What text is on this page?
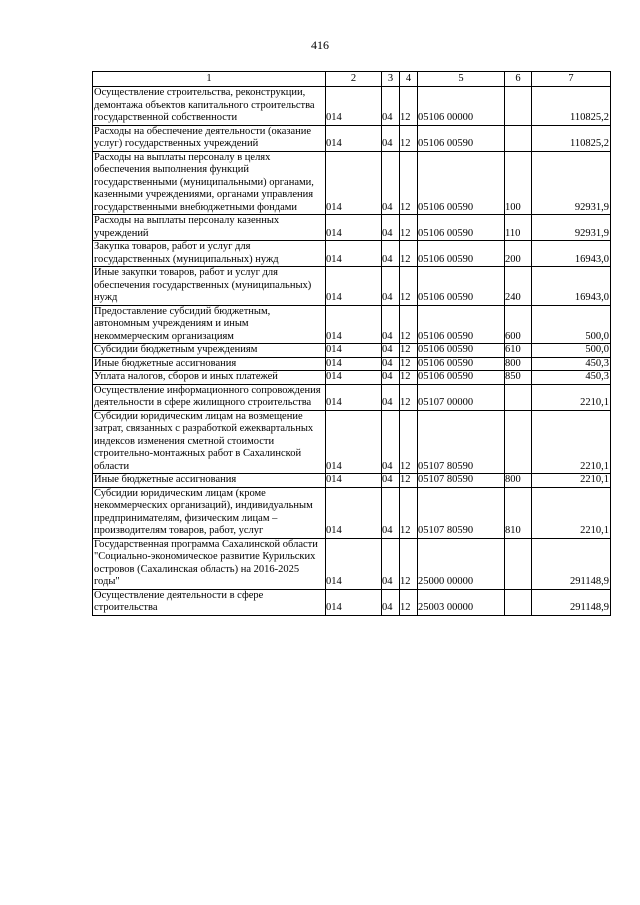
416
1	2	3	4	5	6	7
Осуществление строительства, реконструкции, демонтажа объектов капитального строительства государственной собственности	014	04	12	05106 00000		110825,2
Расходы на обеспечение деятельности (оказание услуг) государственных учреждений	014	04	12	05106 00590		110825,2
Расходы на выплаты персоналу в целях обеспечения выполнения функций государственными (муниципальными) органами, казенными учреждениями, органами управления государственными внебюджетными фондами	014	04	12	05106 00590	100	92931,9
Расходы на выплаты персоналу казенных учреждений	014	04	12	05106 00590	110	92931,9
Закупка товаров, работ и услуг для государственных (муниципальных) нужд	014	04	12	05106 00590	200	16943,0
Иные закупки товаров, работ и услуг для обеспечения государственных (муниципальных) нужд	014	04	12	05106 00590	240	16943,0
Предоставление субсидий бюджетным, автономным учреждениям и иным некоммерческим организациям	014	04	12	05106 00590	600	500,0
Субсидии бюджетным учреждениям	014	04	12	05106 00590	610	500,0
Иные бюджетные ассигнования	014	04	12	05106 00590	800	450,3
Уплата налогов, сборов и иных платежей	014	04	12	05106 00590	850	450,3
Осуществление информационного сопровождения деятельности в сфере жилищного строительства	014	04	12	05107 00000		2210,1
Субсидии юридическим лицам на возмещение затрат, связанных с разработкой ежеквартальных индексов изменения сметной стоимости строительно-монтажных работ в Сахалинской области	014	04	12	05107 80590		2210,1
Иные бюджетные ассигнования	014	04	12	05107 80590	800	2210,1
Субсидии юридическим лицам (кроме некоммерческих организаций), индивидуальным предпринимателям, физическим лицам – производителям товаров, работ, услуг	014	04	12	05107 80590	810	2210,1
Государственная программа Сахалинской области "Социально-экономическое развитие Курильских островов (Сахалинская область) на 2016-2025 годы"	014	04	12	25000 00000		291148,9
Осуществление деятельности в сфере строительства	014	04	12	25003 00000		291148,9
